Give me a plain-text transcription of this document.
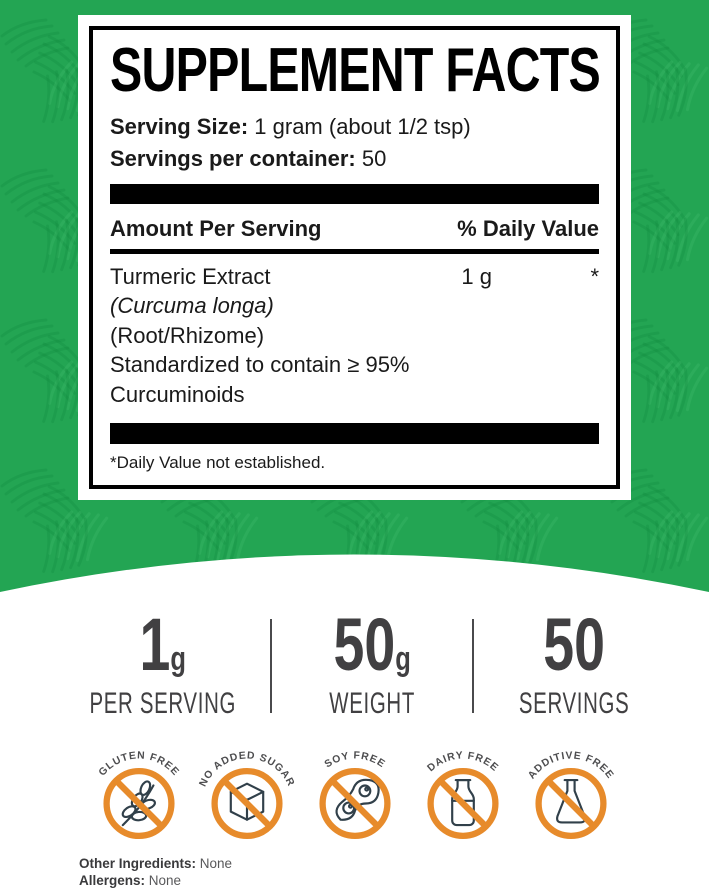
SUPPLEMENT FACTS
Serving Size: 1 gram (about 1/2 tsp)
Servings per container: 50
Amount Per Serving	% Daily Value
Turmeric Extract	1 g	*
(Curcuma longa)
(Root/Rhizome)
Standardized to contain ≥ 95%
Curcuminoids
*Daily Value not established.
1g
PER SERVING
50g
WEIGHT
50
SERVINGS
GLUTEN FREE
NO ADDED SUGAR
SOY FREE	DAIRY FREE
ADDITIVE FREE
Other Ingredients: None
Allergens: None
